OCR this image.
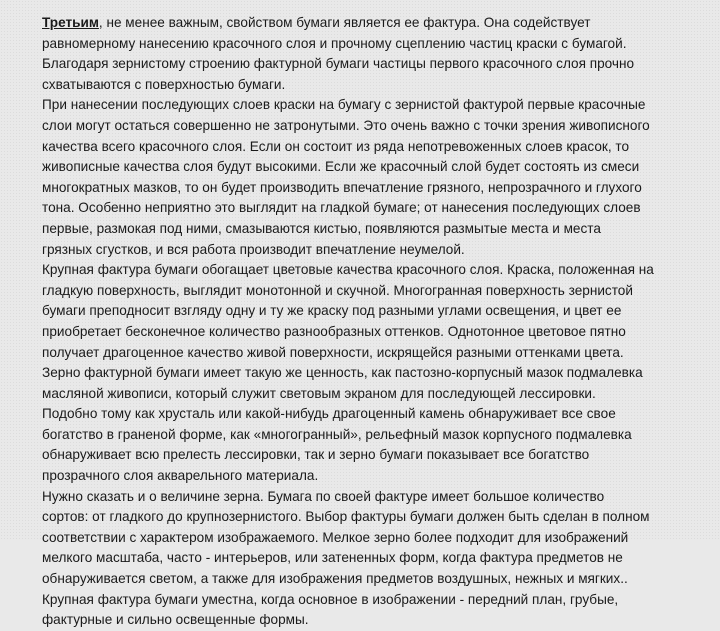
Третьим, не менее важным, свойством бумаги является ее фактура. Она содействует
равномерному нанесению красочного слоя и прочному сцеплению частиц краски с бумагой.
Благодаря зернистому строению фактурной бумаги частицы первого красочного слоя прочно
схватываются с поверхностью бумаги.
При нанесении последующих слоев краски на бумагу с зернистой фактурой первые красочные
слои могут остаться совершенно не затронутыми. Это очень важно с точки зрения живописного
качества всего красочного слоя. Если он состоит из ряда непотревоженных слоев красок, то
живописные качества слоя будут высокими. Если же красочный слой будет состоять из смеси
многократных мазков, то он будет производить впечатление грязного, непрозрачного и глухого
тона. Особенно неприятно это выглядит на гладкой бумаге; от нанесения последующих слоев
первые, размокая под ними, смазываются кистью, появляются размытые места и места
грязных сгустков, и вся работа производит впечатление неумелой.
Крупная фактура бумаги обогащает цветовые качества красочного слоя. Краска, положенная на
гладкую поверхность, выглядит монотонной и скучной. Многогранная поверхность зернистой
бумаги преподносит взгляду одну и ту же краску под разными углами освещения, и цвет ее
приобретает бесконечное количество разнообразных оттенков. Однотонное цветовое пятно
получает драгоценное качество живой поверхности, искрящейся разными оттенками цвета.
Зерно фактурной бумаги имеет такую же ценность, как пастозно-корпусный мазок подмалевка
масляной живописи, который служит световым экраном для последующей лессировки.
Подобно тому как хрусталь или какой-нибудь драгоценный камень обнаруживает все свое
богатство в граненой форме, как «многогранный», рельефный мазок корпусного подмалевка
обнаруживает всю прелесть лессировки, так и зерно бумаги показывает все богатство
прозрачного слоя акварельного материала.
Нужно сказать и о величине зерна. Бумага по своей фактуре имеет большое количество
сортов: от гладкого до крупнозернистого. Выбор фактуры бумаги должен быть сделан в полном
соответствии с характером изображаемого. Мелкое зерно более подходит для изображений
мелкого масштаба, часто - интерьеров, или затененных форм, когда фактура предметов не
обнаруживается светом, а также для изображения предметов воздушных, нежных и мягких..
Крупная фактура бумаги уместна, когда основное в изображении - передний план, грубые,
фактурные и сильно освещенные формы.
